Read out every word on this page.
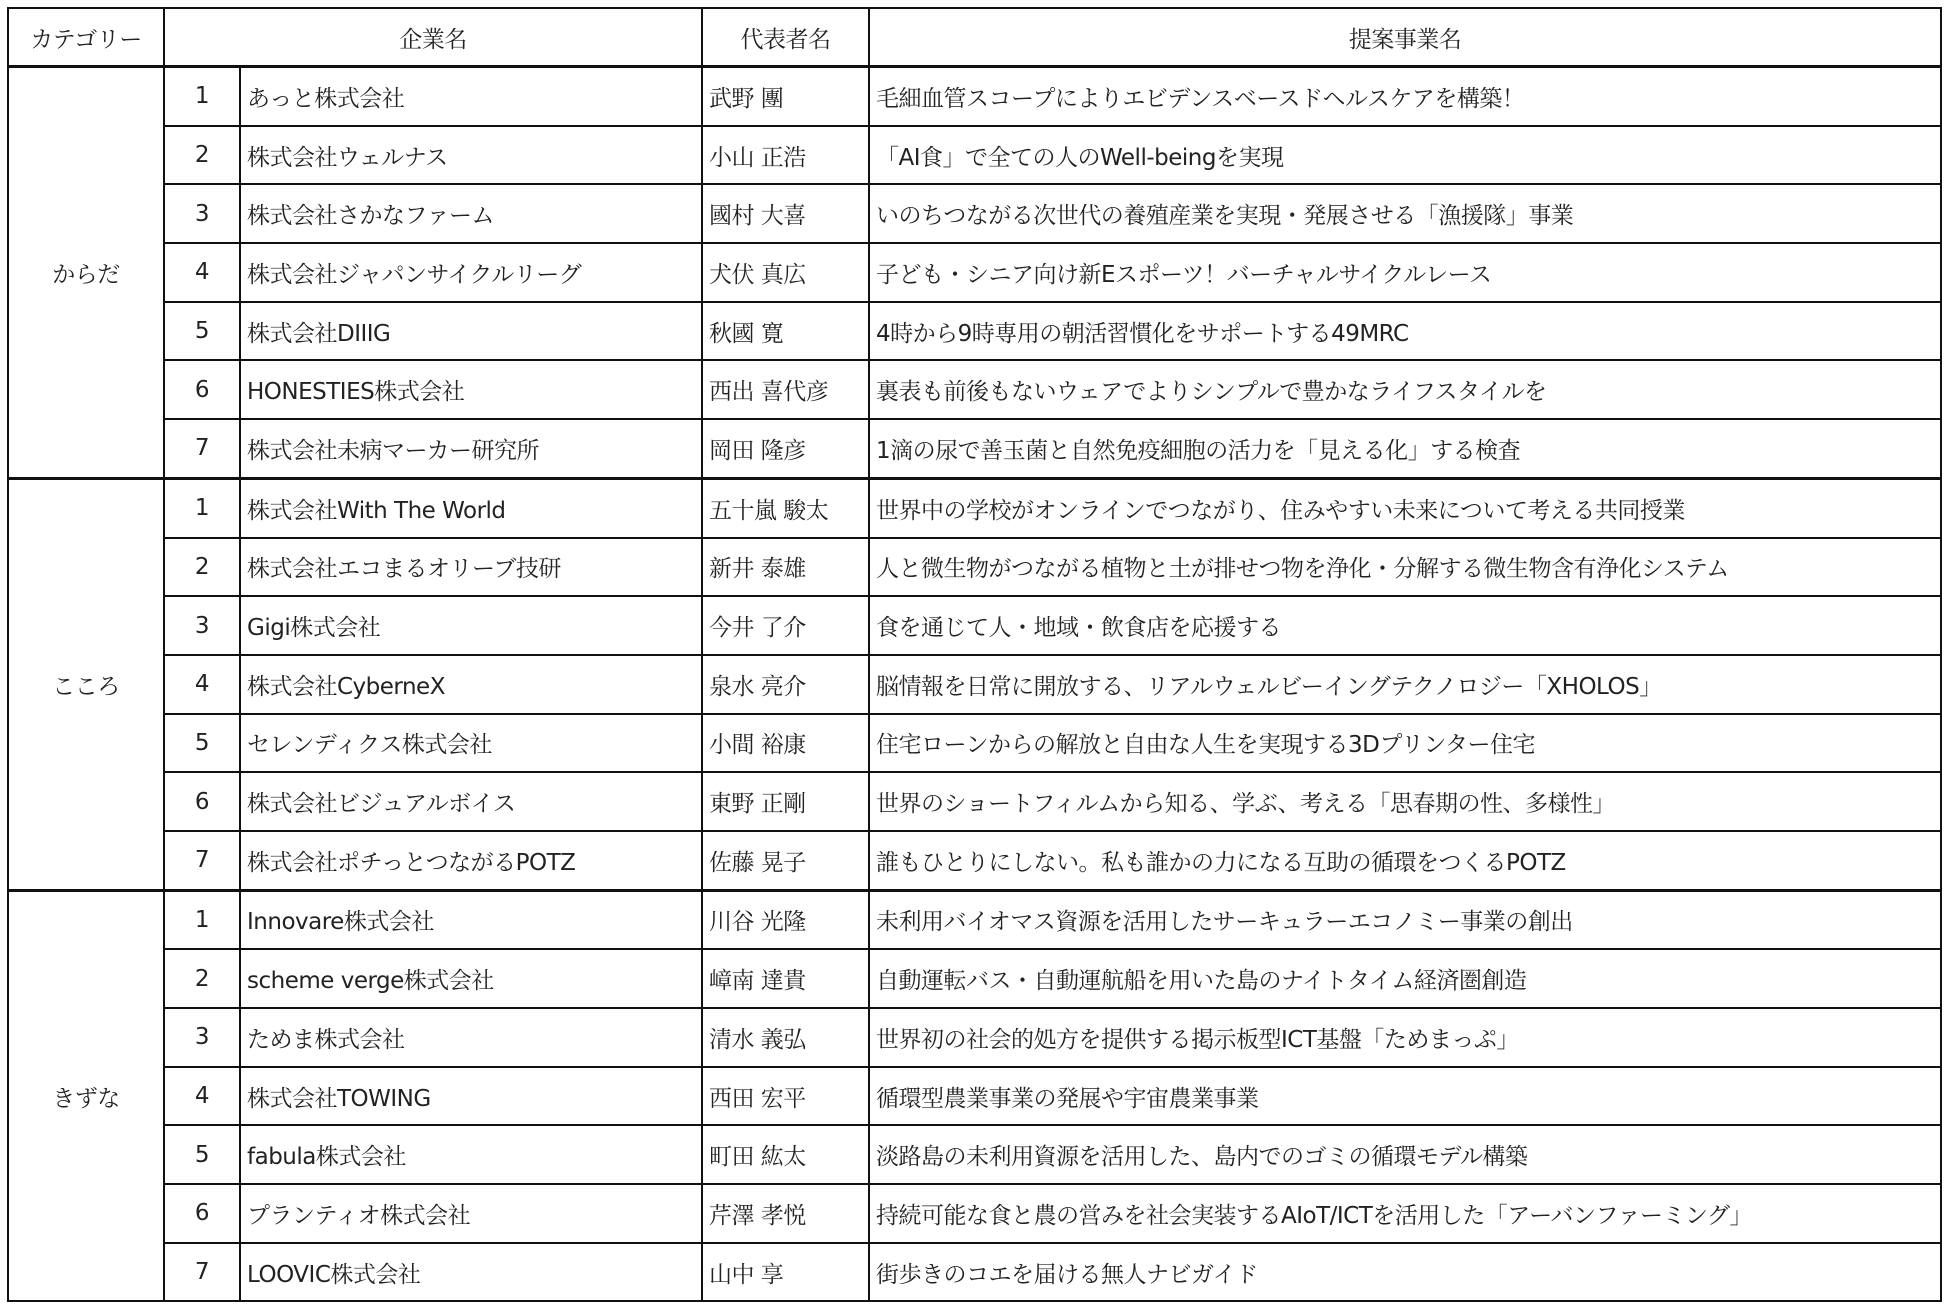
カテゴリー	企業名		代表者名	提案事業名
からだ	1	あっと株式会社	武野 團	毛細血管スコープによりエビデンスベースドヘルスケアを構築！
	2	株式会社ウェルナス	小山 正浩	「AI食」で全ての人のWell-beingを実現
	3	株式会社さかなファーム	國村 大喜	いのちつながる次世代の養殖産業を実現・発展させる「漁援隊」事業
	4	株式会社ジャパンサイクルリーグ	犬伏 真広	子ども・シニア向け新Eスポーツ！バーチャルサイクルレース
	5	株式会社DIIIG	秋國 寛	4時から9時専用の朝活習慣化をサポートする49MRC
	6	HONESTIES株式会社	西出 喜代彦	裏表も前後もないウェアでよりシンプルで豊かなライフスタイルを
	7	株式会社未病マーカー研究所	岡田 隆彦	1滴の尿で善玉菌と自然免疫細胞の活力を「見える化」する検査
こころ	1	株式会社With The World	五十嵐 駿太	世界中の学校がオンラインでつながり、住みやすい未来について考える共同授業
	2	株式会社エコまるオリーブ技研	新井 泰雄	人と微生物がつながる植物と土が排せつ物を浄化・分解する微生物含有浄化システム
	3	Gigi株式会社	今井 了介	食を通じて人・地域・飲食店を応援する
	4	株式会社CyberneX	泉水 亮介	脳情報を日常に開放する、リアルウェルビーイングテクノロジー「XHOLOS」
	5	セレンディクス株式会社	小間 裕康	住宅ローンからの解放と自由な人生を実現する3Dプリンター住宅
	6	株式会社ビジュアルボイス	東野 正剛	世界のショートフィルムから知る、学ぶ、考える「思春期の性、多様性」
	7	株式会社ポチっとつながるPOTZ	佐藤 晃子	誰もひとりにしない。私も誰かの力になる互助の循環をつくるPOTZ
きずな	1	Innovare株式会社	川谷 光隆	未利用バイオマス資源を活用したサーキュラーエコノミー事業の創出
	2	scheme verge株式会社	嶂南 達貴	自動運転バス・自動運航船を用いた島のナイトタイム経済圏創造
	3	ためま株式会社	清水 義弘	世界初の社会的処方を提供する掲示板型ICT基盤「ためまっぷ」
	4	株式会社TOWING	西田 宏平	循環型農業事業の発展や宇宙農業事業
	5	fabula株式会社	町田 紘太	淡路島の未利用資源を活用した、島内でのゴミの循環モデル構築
	6	プランティオ株式会社	芹澤 孝悦	持続可能な食と農の営みを社会実装するAIoT/ICTを活用した「アーバンファーミング」
	7	LOOVIC株式会社	山中 享	街歩きのコエを届ける無人ナビガイド
